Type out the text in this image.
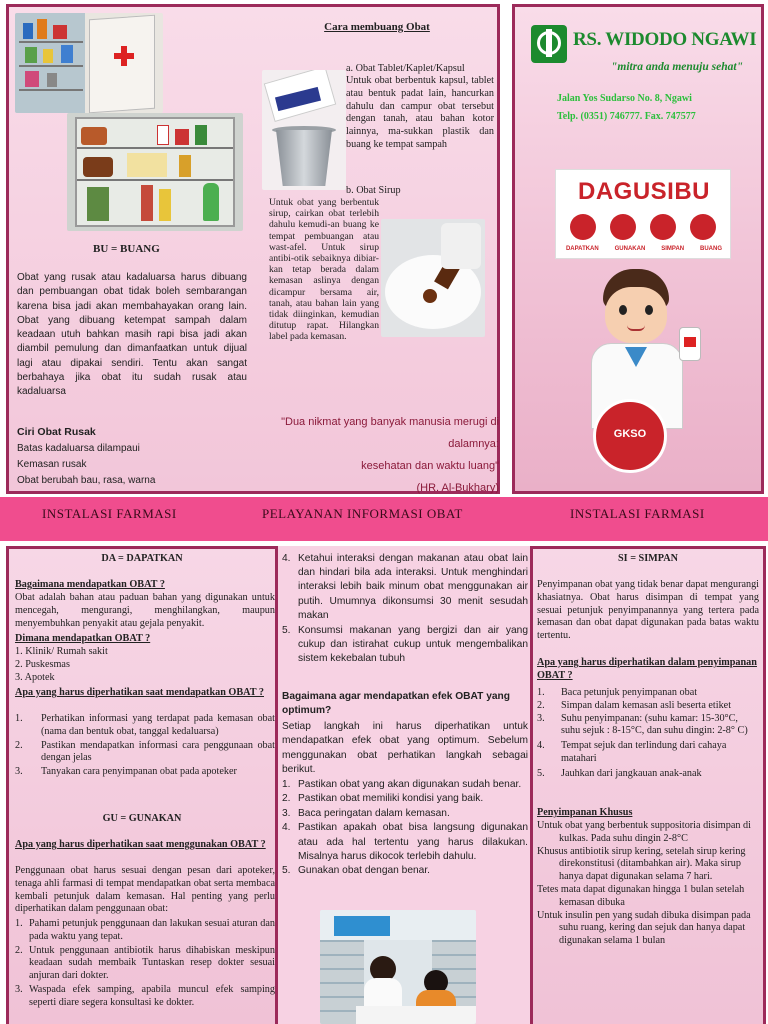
Cara membuang Obat
a. Obat Tablet/Kaplet/Kapsul
Untuk obat berbentuk kapsul, tablet atau bentuk padat lain, hancurkan dahulu dan campur obat tersebut dengan tanah, atau bahan kotor lainnya, ma-sukkan plastik dan buang ke tempat sampah
b. Obat Sirup
Untuk obat yang berbentuk sirup, cairkan obat terlebih dahulu kemudi-an buang ke tempat pembuangan atau wast-afel. Untuk sirup antibi-otik sebaiknya dibiar-kan tetap berada dalam kemasan aslinya dengan dicampur bersama air, tanah, atau bahan lain yang tidak diinginkan, kemudian ditutup rapat. Hilangkan label pada kemasan.
BU = BUANG
Obat yang rusak atau kadaluarsa harus dibuang dan pembuangan obat tidak boleh sembarangan karena bisa jadi akan membahayakan orang lain. Obat yang dibuang ketempat sampah dalam keadaan utuh bahkan masih rapi bisa jadi akan diambil pemulung dan dimanfaatkan untuk dijual lagi atau dipakai sendiri. Tentu akan sangat berbahaya jika obat itu sudah rusak atau kadaluarsa
Ciri Obat Rusak
Batas kadaluarsa dilampaui
Kemasan rusak
Obat berubah bau, rasa, warna
"Dua nikmat yang banyak manusia merugi di dalamnya:
kesehatan dan waktu luang"
(HR. Al-Bukhary)
RS. WIDODO NGAWI
"mitra anda menuju sehat"
Jalan Yos Sudarso No. 8, Ngawi
Telp. (0351) 746777. Fax. 747577
DAGUSIBU
DAPATKAN	GUNAKAN	SIMPAN	BUANG
GKSO
INSTALASI FARMASI	PELAYANAN INFORMASI OBAT	INSTALASI FARMASI
DA = DAPATKAN
Bagaimana mendapatkan OBAT ?
Obat adalah bahan atau paduan bahan yang digunakan untuk mencegah, mengurangi, menghilangkan, maupun menyembuhkan penyakit atau gejala penyakit.
Dimana mendapatkan OBAT ?
1. Klinik/ Rumah sakit
2. Puskesmas
3. Apotek
Apa yang harus diperhatikan saat mendapatkan OBAT ?
1. Perhatikan informasi yang terdapat pada kemasan obat (nama dan bentuk obat, tanggal kedaluarsa)
2. Pastikan mendapatkan informasi cara penggunaan obat dengan jelas
3. Tanyakan cara penyimpanan obat pada apoteker
GU = GUNAKAN
Apa yang harus diperhatikan saat menggunakan OBAT ?
Penggunaan obat harus sesuai dengan pesan dari apoteker, tenaga ahli farmasi di tempat mendapatkan obat serta membaca kembali petunjuk dalam kemasan. Hal penting yang perlu diperhatikan dalam penggunaan obat:
1. Pahami petunjuk penggunaan dan lakukan sesuai aturan dan pada waktu yang tepat.
2. Untuk penggunaan antibiotik harus dihabiskan meskipun keadaan sudah membaik Tuntaskan resep dokter sesuai anjuran dari dokter.
3. Waspada efek samping, apabila muncul efek samping seperti diare segera konsultasi ke dokter.
4. Ketahui interaksi dengan makanan atau obat lain dan hindari bila ada interaksi. Untuk menghindari interaksi lebih baik minum obat menggunakan air putih. Umumnya dikonsumsi 30 menit sesudah makan
5. Konsumsi makanan yang bergizi dan air yang cukup dan istirahat cukup untuk mengembalikan sistem kekebalan tubuh
Bagaimana agar mendapatkan efek OBAT yang optimum?
Setiap langkah ini harus diperhatikan untuk mendapatkan efek obat yang optimum. Sebelum menggunakan obat perhatikan langkah sebagai berikut.
1. Pastikan obat yang akan digunakan sudah benar.
2. Pastikan obat memiliki kondisi yang baik.
3. Baca peringatan dalam kemasan.
4. Pastikan apakah obat bisa langsung digunakan atau ada hal tertentu yang harus dilakukan. Misalnya harus dikocok terlebih dahulu.
5. Gunakan obat dengan benar.
SI = SIMPAN
Penyimpanan obat yang tidak benar dapat mengurangi khasiatnya. Obat harus disimpan di tempat yang sesuai petunjuk penyimpanannya yang tertera pada kemasan dan obat dapat digunakan pada batas waktu tertentu.
Apa yang harus diperhatikan dalam penyimpanan OBAT ?
1. Baca petunjuk penyimpanan obat
2. Simpan dalam kemasan asli beserta etiket
3. Suhu penyimpanan: (suhu kamar: 15-30°C, suhu sejuk : 8-15°C, dan suhu dingin: 2-8° C)
4. Tempat sejuk dan terlindung dari cahaya matahari
5. Jauhkan dari jangkauan anak-anak
Penyimpanan Khusus
Untuk obat yang berbentuk suppositoria disimpan di kulkas. Pada suhu dingin 2-8°C
Khusus antibiotik sirup kering, setelah sirup kering direkonstitusi (ditambahkan air). Maka sirup hanya dapat digunakan selama 7 hari.
Tetes mata dapat digunakan hingga 1 bulan setelah kemasan dibuka
Untuk insulin pen yang sudah dibuka disimpan pada suhu ruang, kering dan sejuk dan hanya dapat digunakan selama 1 bulan
